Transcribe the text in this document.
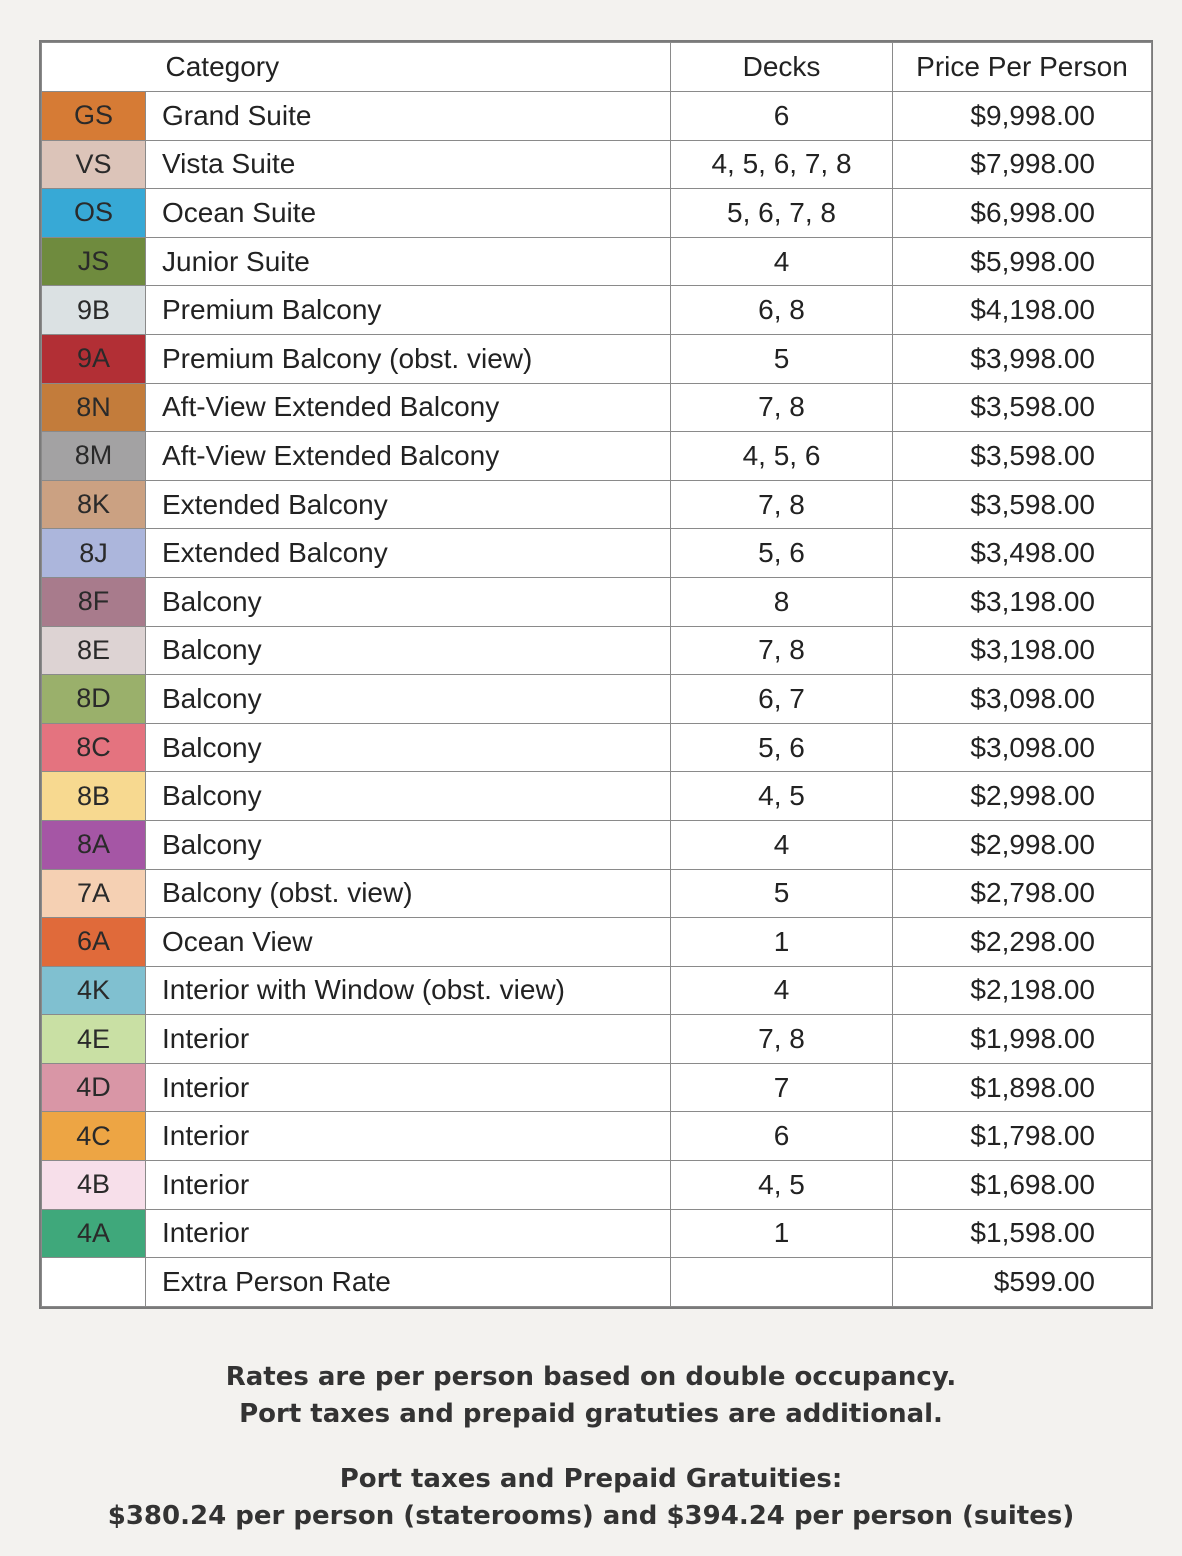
	Category	Decks	Price Per Person
GS	Grand Suite	6	$9,998.00
VS	Vista Suite	4, 5, 6, 7, 8	$7,998.00
OS	Ocean Suite	5, 6, 7, 8	$6,998.00
JS	Junior Suite	4	$5,998.00
9B	Premium Balcony	6, 8	$4,198.00
9A	Premium Balcony (obst. view)	5	$3,998.00
8N	Aft-View Extended Balcony	7, 8	$3,598.00
8M	Aft-View Extended Balcony	4, 5, 6	$3,598.00
8K	Extended Balcony	7, 8	$3,598.00
8J	Extended Balcony	5, 6	$3,498.00
8F	Balcony	8	$3,198.00
8E	Balcony	7, 8	$3,198.00
8D	Balcony	6, 7	$3,098.00
8C	Balcony	5, 6	$3,098.00
8B	Balcony	4, 5	$2,998.00
8A	Balcony	4	$2,998.00
7A	Balcony (obst. view)	5	$2,798.00
6A	Ocean View	1	$2,298.00
4K	Interior with Window (obst. view)	4	$2,198.00
4E	Interior	7, 8	$1,998.00
4D	Interior	7	$1,898.00
4C	Interior	6	$1,798.00
4B	Interior	4, 5	$1,698.00
4A	Interior	1	$1,598.00
	Extra Person Rate		$599.00
Rates are per person based on double occupancy.
Port taxes and prepaid gratuties are additional.
Port taxes and Prepaid Gratuities:
$380.24 per person (staterooms) and $394.24 per person (suites)
